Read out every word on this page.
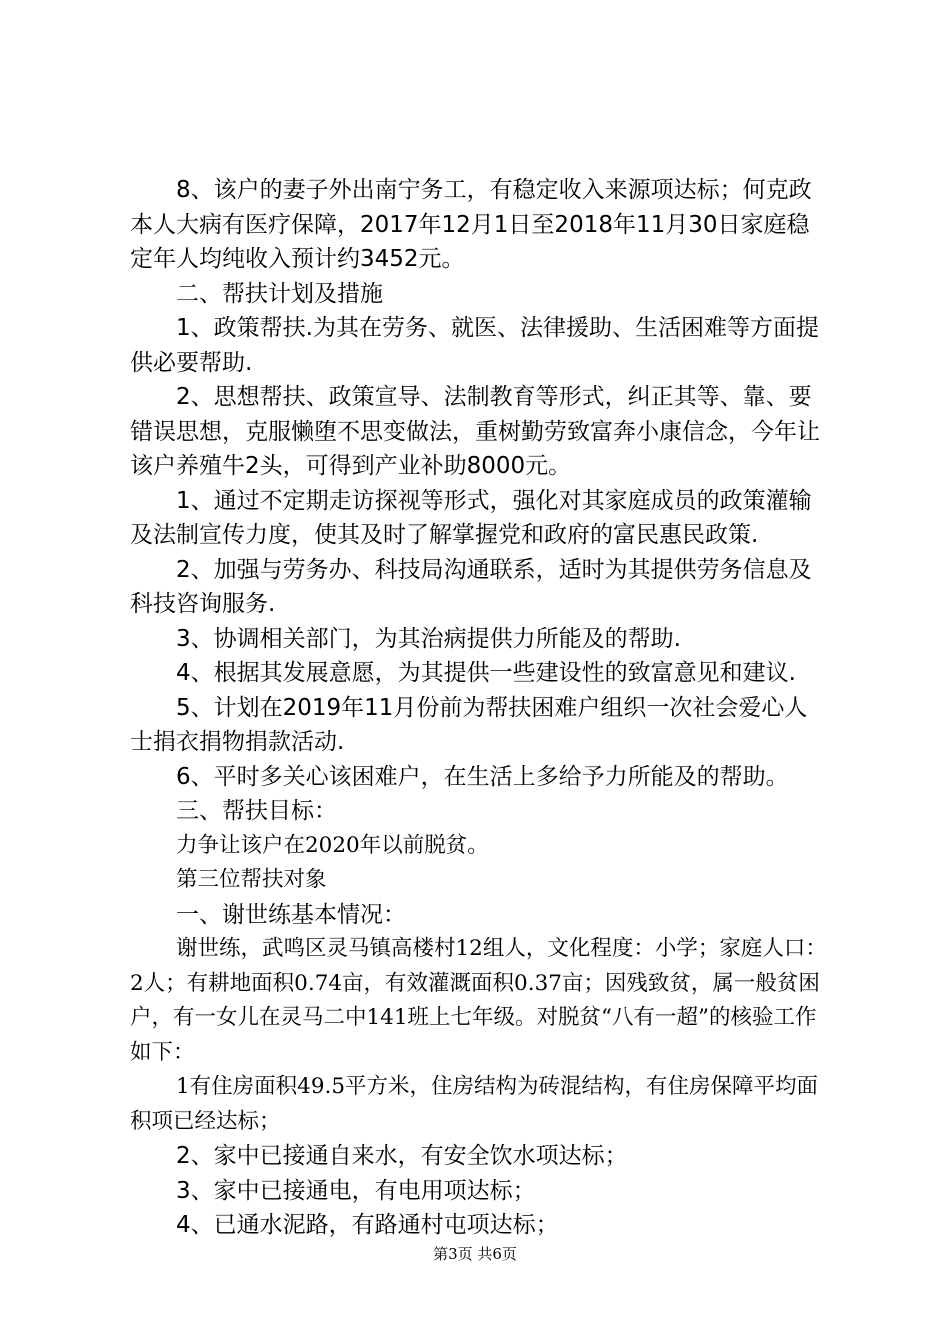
8、该户的妻子外出南宁务工，有稳定收入来源项达标；何克政本人大病有医疗保障，2017年12月1日至2018年11月30日家庭稳定年人均纯收入预计约3452元。

二、帮扶计划及措施

1、政策帮扶.为其在劳务、就医、法律援助、生活困难等方面提供必要帮助.

2、思想帮扶、政策宣导、法制教育等形式，纠正其等、靠、要错误思想，克服懒堕不思变做法，重树勤劳致富奔小康信念，今年让该户养殖牛2头，可得到产业补助8000元。

1、通过不定期走访探视等形式，强化对其家庭成员的政策灌输及法制宣传力度，使其及时了解掌握党和政府的富民惠民政策.

2、加强与劳务办、科技局沟通联系，适时为其提供劳务信息及科技咨询服务.

3、协调相关部门，为其治病提供力所能及的帮助.

4、根据其发展意愿，为其提供一些建设性的致富意见和建议.

5、计划在2019年11月份前为帮扶困难户组织一次社会爱心人士捐衣捐物捐款活动.

6、平时多关心该困难户，在生活上多给予力所能及的帮助。

三、帮扶目标：

力争让该户在2020年以前脱贫。

第三位帮扶对象

一、谢世练基本情况：

谢世练，武鸣区灵马镇高楼村12组人，文化程度：小学；家庭人口：2人；有耕地面积0.74亩，有效灌溉面积0.37亩；因残致贫，属一般贫困户，有一女儿在灵马二中141班上七年级。对脱贫“八有一超”的核验工作如下：

1有住房面积49.5平方米，住房结构为砖混结构，有住房保障平均面积项已经达标；

2、家中已接通自来水，有安全饮水项达标；

3、家中已接通电，有电用项达标；

4、已通水泥路，有路通村屯项达标；

第3页 共6页
